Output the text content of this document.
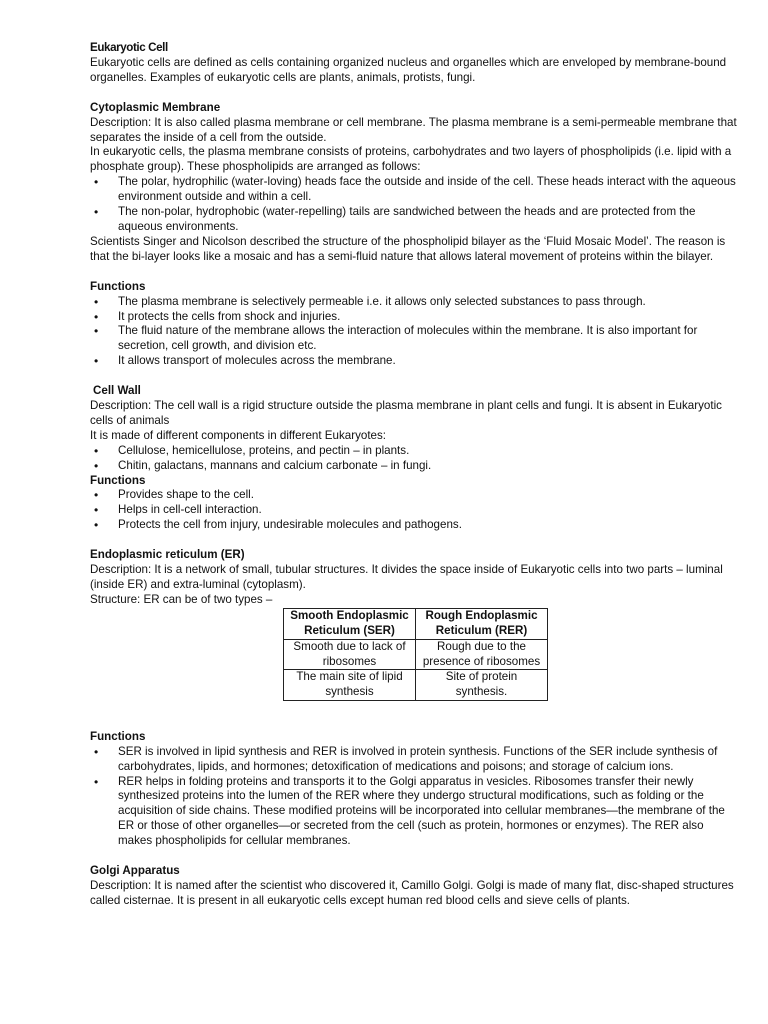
Eukaryotic Cell

Eukaryotic cells are defined as cells containing organized nucleus and organelles which are enveloped by membrane-bound organelles. Examples of eukaryotic cells are plants, animals, protists, fungi.

Cytoplasmic Membrane

Description: It is also called plasma membrane or cell membrane. The plasma membrane is a semi-permeable membrane that separates the inside of a cell from the outside.

In eukaryotic cells, the plasma membrane consists of proteins, carbohydrates and two layers of phospholipids (i.e. lipid with a phosphate group). These phospholipids are arranged as follows:

• The polar, hydrophilic (water-loving) heads face the outside and inside of the cell. These heads interact with the aqueous environment outside and within a cell.
• The non-polar, hydrophobic (water-repelling) tails are sandwiched between the heads and are protected from the aqueous environments.

Scientists Singer and Nicolson described the structure of the phospholipid bilayer as the ‘Fluid Mosaic Model’. The reason is that the bi-layer looks like a mosaic and has a semi-fluid nature that allows lateral movement of proteins within the bilayer.

Functions

• The plasma membrane is selectively permeable i.e. it allows only selected substances to pass through.
• It protects the cells from shock and injuries.
• The fluid nature of the membrane allows the interaction of molecules within the membrane. It is also important for secretion, cell growth, and division etc.
• It allows transport of molecules across the membrane.

Cell Wall

Description: The cell wall is a rigid structure outside the plasma membrane in plant cells and fungi. It is absent in Eukaryotic cells of animals

It is made of different components in different Eukaryotes:

• Cellulose, hemicellulose, proteins, and pectin – in plants.
• Chitin, galactans, mannans and calcium carbonate – in fungi.

Functions

• Provides shape to the cell.
• Helps in cell-cell interaction.
• Protects the cell from injury, undesirable molecules and pathogens.

Endoplasmic reticulum (ER)

Description: It is a network of small, tubular structures. It divides the space inside of Eukaryotic cells into two parts – luminal (inside ER) and extra-luminal (cytoplasm).

Structure: ER can be of two types –

Smooth Endoplasmic Reticulum (SER)	Rough Endoplasmic Reticulum (RER)
Smooth due to lack of ribosomes	Rough due to the presence of ribosomes
The main site of lipid synthesis	Site of protein synthesis.

Functions

• SER is involved in lipid synthesis and RER is involved in protein synthesis. Functions of the SER include synthesis of carbohydrates, lipids, and hormones; detoxification of medications and poisons; and storage of calcium ions.
• RER helps in folding proteins and transports it to the Golgi apparatus in vesicles. Ribosomes transfer their newly synthesized proteins into the lumen of the RER where they undergo structural modifications, such as folding or the acquisition of side chains. These modified proteins will be incorporated into cellular membranes—the membrane of the ER or those of other organelles—or secreted from the cell (such as protein, hormones or enzymes). The RER also makes phospholipids for cellular membranes.

Golgi Apparatus

Description: It is named after the scientist who discovered it, Camillo Golgi. Golgi is made of many flat, disc-shaped structures called cisternae. It is present in all eukaryotic cells except human red blood cells and sieve cells of plants.
